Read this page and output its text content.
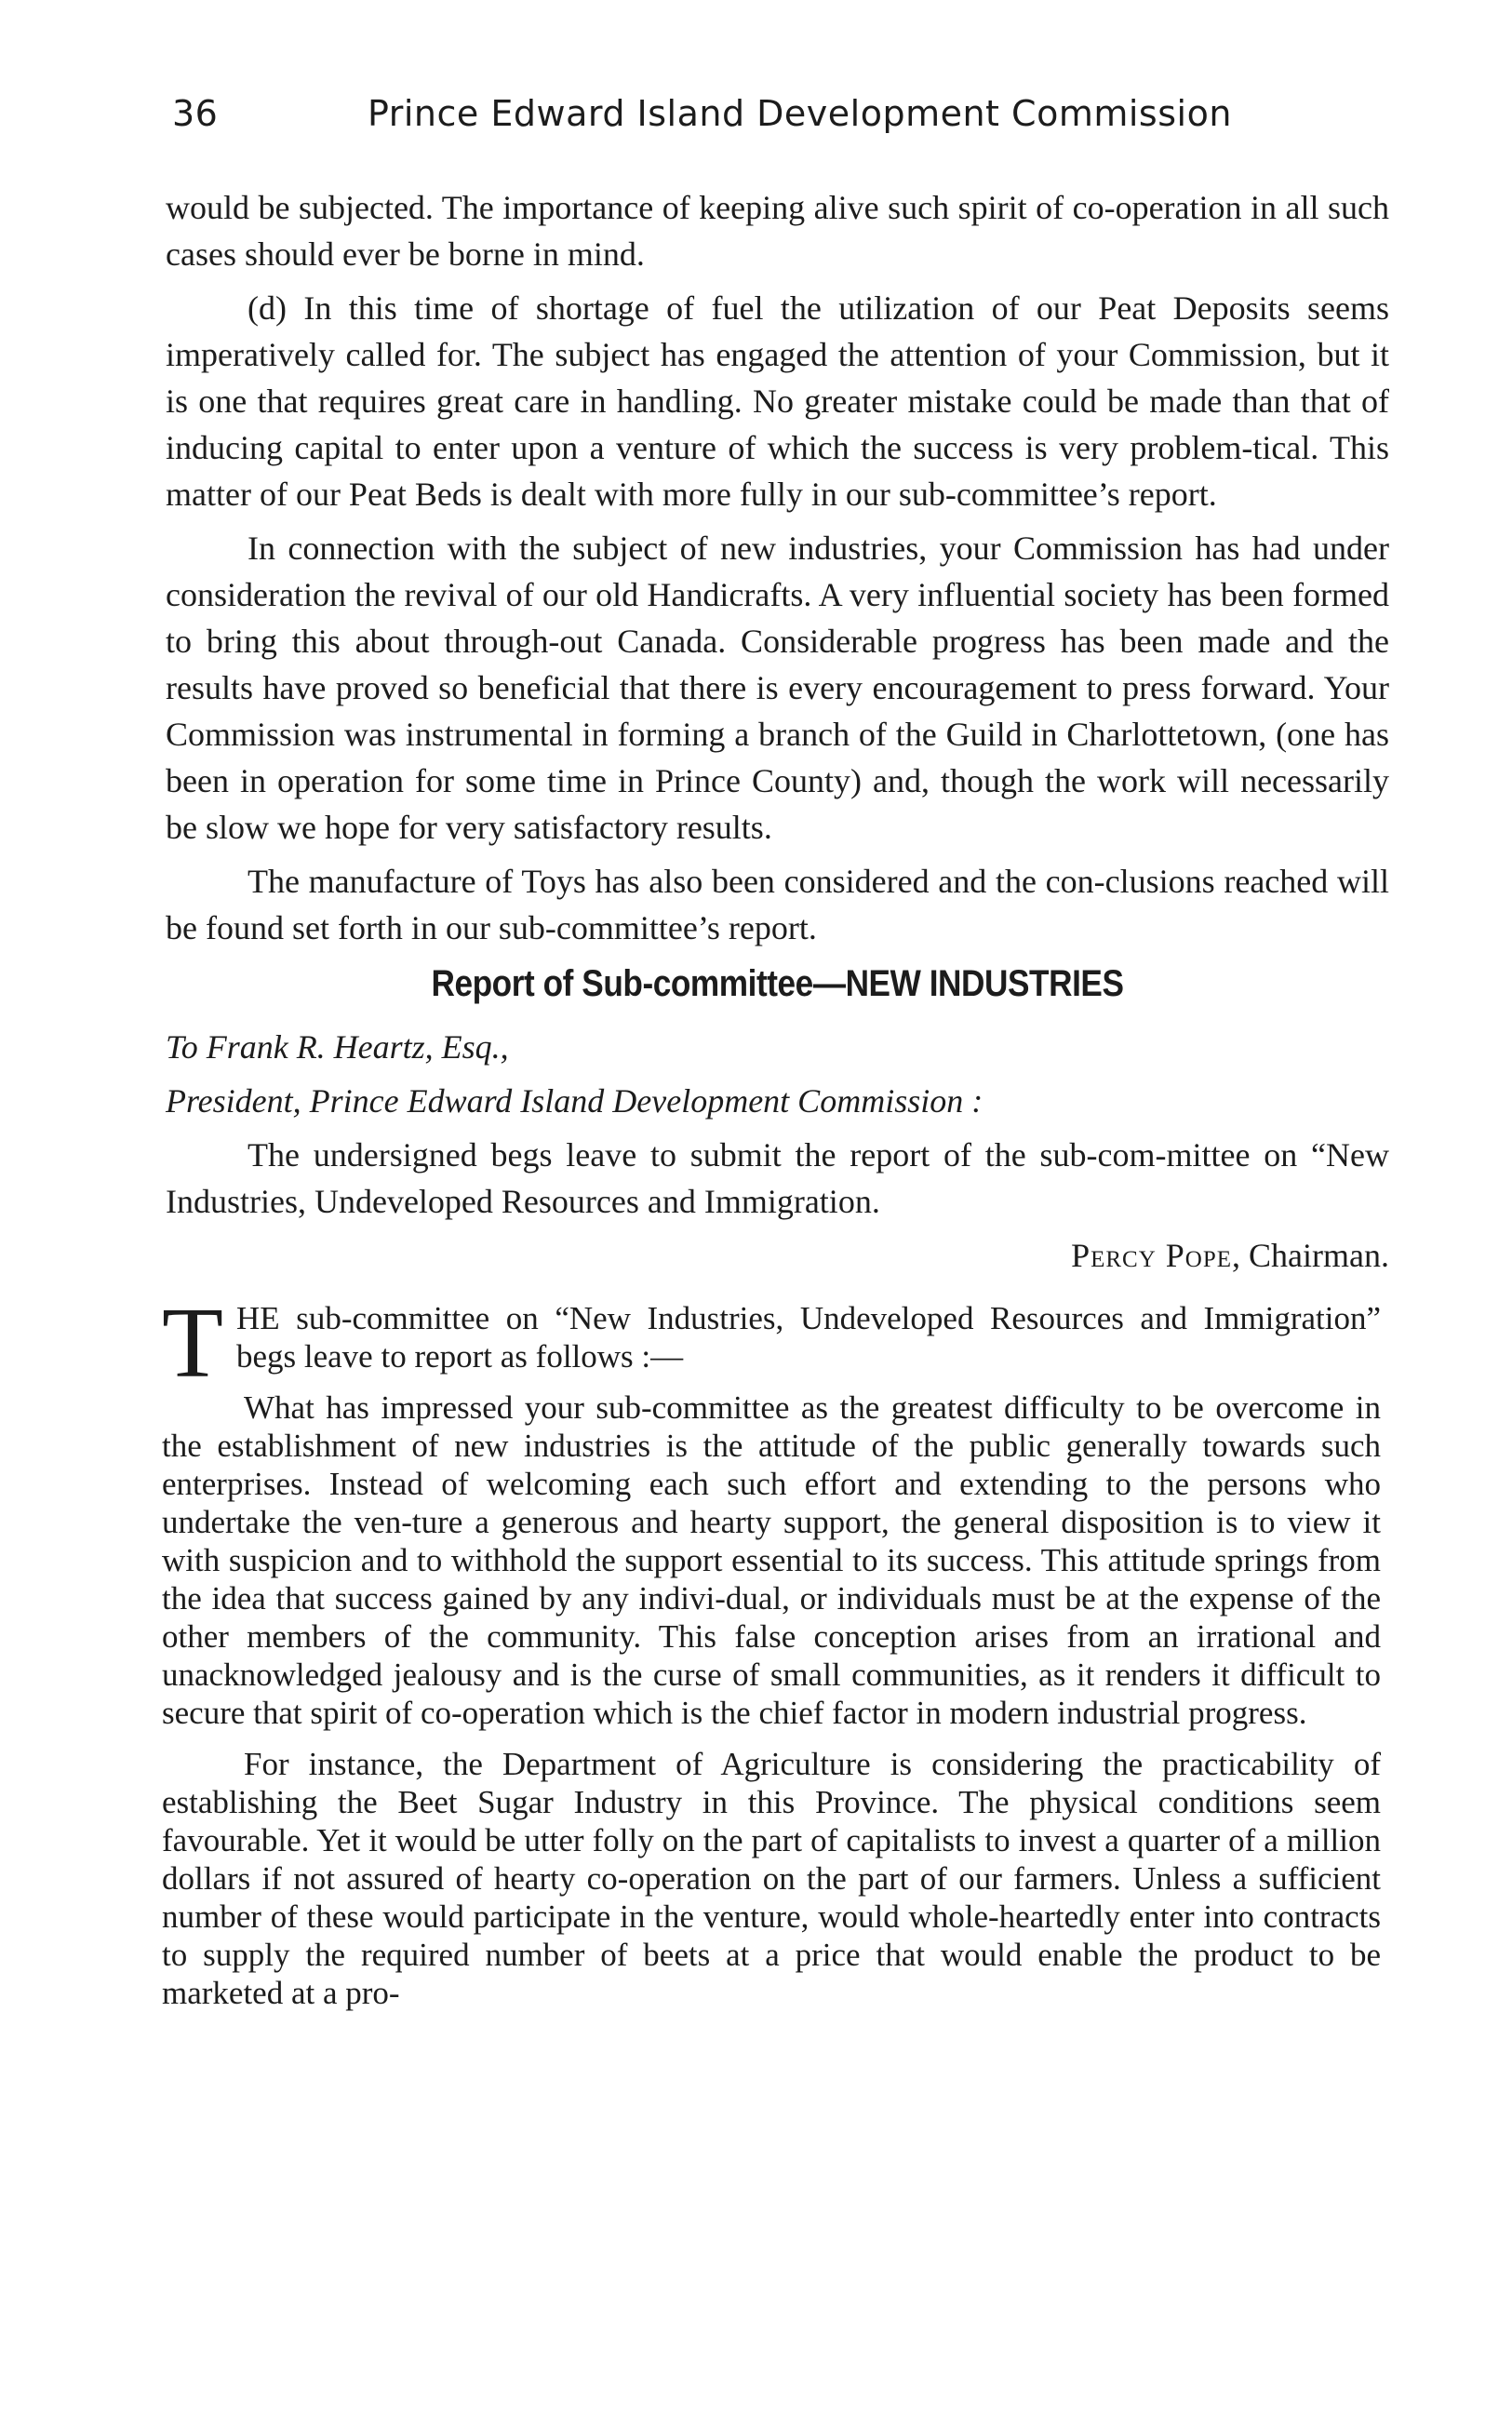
36	Prince Edward Island Development Commission

would be subjected. The importance of keeping alive such spirit of co-operation in all such cases should ever be borne in mind.

(d) In this time of shortage of fuel the utilization of our Peat Deposits seems imperatively called for. The subject has engaged the attention of your Commission, but it is one that requires great care in handling. No greater mistake could be made than that of inducing capital to enter upon a venture of which the success is very problem-tical. This matter of our Peat Beds is dealt with more fully in our sub-committee’s report.

In connection with the subject of new industries, your Commission has had under consideration the revival of our old Handicrafts. A very influential society has been formed to bring this about through-out Canada. Considerable progress has been made and the results have proved so beneficial that there is every encouragement to press forward. Your Commission was instrumental in forming a branch of the Guild in Charlottetown, (one has been in operation for some time in Prince County) and, though the work will necessarily be slow we hope for very satisfactory results.

The manufacture of Toys has also been considered and the con-clusions reached will be found set forth in our sub-committee’s report.

Report of Sub-committee—NEW INDUSTRIES

To Frank R. Heartz, Esq.,

President, Prince Edward Island Development Commission :

The undersigned begs leave to submit the report of the sub-com-mittee on “New Industries, Undeveloped Resources and Immigration.

Percy Pope, Chairman.

THE sub-committee on “New Industries, Undeveloped Resources and Immigration” begs leave to report as follows :—

What has impressed your sub-committee as the greatest difficulty to be overcome in the establishment of new industries is the attitude of the public generally towards such enterprises. Instead of welcoming each such effort and extending to the persons who undertake the ven-ture a generous and hearty support, the general disposition is to view it with suspicion and to withhold the support essential to its success. This attitude springs from the idea that success gained by any indivi-dual, or individuals must be at the expense of the other members of the community. This false conception arises from an irrational and unacknowledged jealousy and is the curse of small communities, as it renders it difficult to secure that spirit of co-operation which is the chief factor in modern industrial progress.

For instance, the Department of Agriculture is considering the practicability of establishing the Beet Sugar Industry in this Province. The physical conditions seem favourable. Yet it would be utter folly on the part of capitalists to invest a quarter of a million dollars if not assured of hearty co-operation on the part of our farmers. Unless a sufficient number of these would participate in the venture, would whole-heartedly enter into contracts to supply the required number of beets at a price that would enable the product to be marketed at a pro-
